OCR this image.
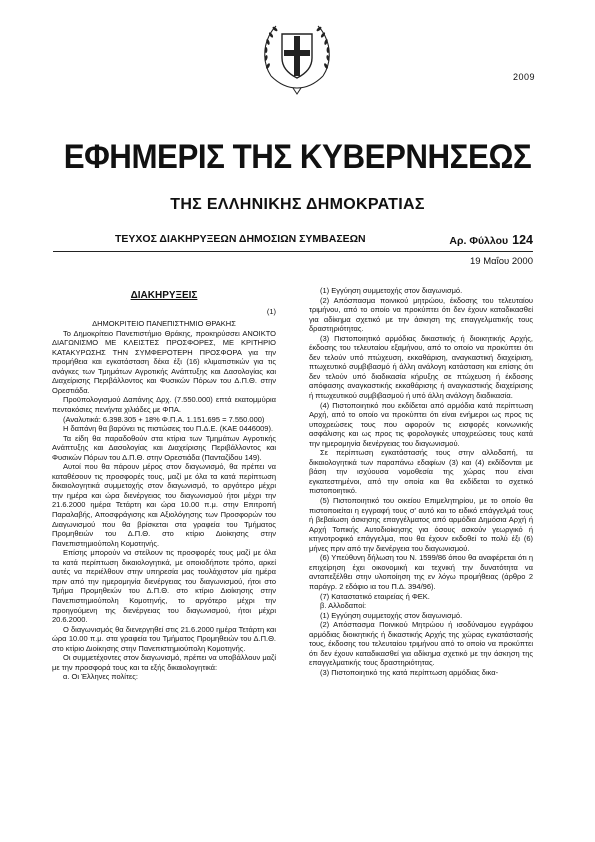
2009
ΕΦΗΜΕΡΙΣ ΤΗΣ ΚΥΒΕΡΝΗΣΕΩΣ
ΤΗΣ ΕΛΛΗΝΙΚΗΣ ΔΗΜΟΚΡΑΤΙΑΣ
ΤΕΥΧΟΣ ΔΙΑΚΗΡΥΞΕΩΝ ΔΗΜΟΣΙΩΝ ΣΥΜΒΑΣΕΩΝ	Αρ. Φύλλου 124
19 Μαΐου 2000

ΔΙΑΚΗΡΥΞΕΙΣ

(1)

ΔΗΜΟΚΡΙΤΕΙΟ ΠΑΝΕΠΙΣΤΗΜΙΟ ΘΡΑΚΗΣ

Το Δημοκρίτειο Πανεπιστήμιο Θράκης, προκηρύσσει ΑΝΟΙΚΤΟ ΔΙΑΓΩΝΙΣΜΟ ΜΕ ΚΛΕΙΣΤΕΣ ΠΡΟΣΦΟΡΕΣ, ΜΕ ΚΡΙΤΗΡΙΟ ΚΑΤΑΚΥΡΩΣΗΣ ΤΗΝ ΣΥΜΦΕΡΟΤΕΡΗ ΠΡΟΣΦΟΡΑ για την προμήθεια και εγκατάσταση δέκα έξι (16) κλιματιστικών για τις ανάγκες των Τμημάτων Αγροτικής Ανάπτυξης και Δασολογίας και Διαχείρισης Περιβάλλοντος και Φυσικών Πόρων του Δ.Π.Θ. στην Ορεστιάδα.

Προϋπολογισμού Δαπάνης Δρχ. (7.550.000) επτά εκατομμύρια πεντακόσιες πενήντα χιλιάδες με ΦΠΑ.

(Αναλυτικά: 6.398.305 + 18% Φ.Π.Α. 1.151.695 = 7.550.000)

Η δαπάνη θα βαρύνει τις πιστώσεις του Π.Δ.Ε. (ΚΑΕ 0446009).

Τα είδη θα παραδοθούν στα κτίρια των Τμημάτων Αγροτικής Ανάπτυξης και Δασολογίας και Διαχείρισης Περιβάλλοντος και Φυσικών Πόρων του Δ.Π.Θ. στην Ορεστιάδα (Πανταζίδου 149).

Αυτοί που θα πάρουν μέρος στον διαγωνισμό, θα πρέπει να καταθέσουν τις προσφορές τους, μαζί με όλα τα κατά περίπτωση δικαιολογητικά συμμετοχής στον διαγωνισμό, το αργότερο μέχρι την ημέρα και ώρα διενέργειας του διαγωνισμού ήτοι μέχρι την 21.6.2000 ημέρα Τετάρτη και ώρα 10.00 π.μ. στην Επιτροπή Παραλαβής, Αποσφράγισης και Αξιολόγησης των Προσφορών του Διαγωνισμού που θα βρίσκεται στα γραφεία του Τμήματος Προμηθειών του Δ.Π.Θ. στο κτίριο Διοίκησης στην Πανεπιστημιούπολη Κομοτηνής.

Επίσης μπορούν να στείλουν τις προσφορές τους μαζί με όλα τα κατά περίπτωση δικαιολογητικά, με οποιοδήποτε τρόπο, αρκεί αυτές να περιέλθουν στην υπηρεσία μας τουλάχιστον μία ημέρα πριν από την ημερομηνία διενέργειας του διαγωνισμού, ήτοι στο Τμήμα Προμηθειών του Δ.Π.Θ. στο κτίριο Διοίκησης στην Πανεπιστημιούπολη Κομοτηνής, το αργότερο μέχρι την προηγούμενη της διενέργειας του διαγωνισμού, ήτοι μέχρι 20.6.2000.

Ο διαγωνισμός θα διενεργηθεί στις 21.6.2000 ημέρα Τετάρτη και ώρα 10.00 π.μ. στα γραφεία του Τμήματος Προμηθειών του Δ.Π.Θ. στο κτίριο Διοίκησης στην Πανεπιστημιούπολη Κομοτηνής.

Οι συμμετέχοντες στον διαγωνισμό, πρέπει να υποβάλλουν μαζί με την προσφορά τους και τα εξής δικαιολογητικά:

α. Οι Έλληνες πολίτες:

(1) Εγγύηση συμμετοχής στον διαγωνισμό.

(2) Απόσπασμα ποινικού μητρώου, έκδοσης του τελευταίου τριμήνου, από το οποίο να προκύπτει ότι δεν έχουν καταδικασθεί για αδίκημα σχετικό με την άσκηση της επαγγελματικής τους δραστηριότητας.

(3) Πιστοποιητικό αρμόδιας δικαστικής ή διοικητικής Αρχής, έκδοσης του τελευταίου εξαμήνου, από το οποίο να προκύπτει ότι δεν τελούν υπό πτώχευση, εκκαθάριση, αναγκαστική διαχείριση, πτωχευτικό συμβιβασμό ή άλλη ανάλογη κατάσταση και επίσης ότι δεν τελούν υπό διαδικασία κήρυξης σε πτώχευση ή έκδοσης απόφασης αναγκαστικής εκκαθάρισης ή αναγκαστικής διαχείρισης ή πτωχευτικού συμβιβασμού ή υπό άλλη ανάλογη διαδικασία.

(4) Πιστοποιητικό που εκδίδεται από αρμόδια κατά περίπτωση Αρχή, από το οποίο να προκύπτει ότι είναι ενήμεροι ως προς τις υποχρεώσεις τους που αφορούν τις εισφορές κοινωνικής ασφάλισης και ως προς τις φορολογικές υποχρεώσεις τους κατά την ημερομηνία διενέργειας του διαγωνισμού.

Σε περίπτωση εγκατάστασής τους στην αλλοδαπή, τα δικαιολογητικά των παραπάνω εδαφίων (3) και (4) εκδίδονται με βάση την ισχύουσα νομοθεσία της χώρας που είναι εγκατεστημένοι, από την οποία και θα εκδίδεται το σχετικό πιστοποιητικό.

(5) Πιστοποιητικό του οικείου Επιμελητηρίου, με το οποίο θα πιστοποιείται η εγγραφή τους σ' αυτό και το ειδικό επάγγελμά τους ή βεβαίωση άσκησης επαγγέλματος από αρμόδια Δημόσια Αρχή ή Αρχή Τοπικής Αυτοδιοίκησης για όσους ασκούν γεωργικό ή κτηνοτροφικό επάγγελμα, που θα έχουν εκδοθεί το πολύ έξι (6) μήνες πριν από την διενέργεια του διαγωνισμού.

(6) Υπεύθυνη δήλωση του Ν. 1599/86 όπου θα αναφέρεται ότι η επιχείρηση έχει οικονομική και τεχνική την δυνατότητα να ανταπεξέλθει στην υλοποίηση της εν λόγω προμήθειας (άρθρο 2 παράγρ. 2 εδάφιο ια του Π.Δ. 394/96).

(7) Καταστατικό εταιρείας ή ΦΕΚ.

β. Αλλοδαποί:

(1) Εγγύηση συμμετοχής στον διαγωνισμό.

(2) Απόσπασμα Ποινικού Μητρώου ή ισοδύναμου εγγράφου αρμόδιας διοικητικής ή δικαστικής Αρχής της χώρας εγκατάστασής τους, έκδοσης του τελευταίου τριμήνου από το οποίο να προκύπτει ότι δεν έχουν καταδικασθεί για αδίκημα σχετικό με την άσκηση της επαγγελματικής τους δραστηριότητας.

(3) Πιστοποιητικό της κατά περίπτωση αρμόδιας δικα-
